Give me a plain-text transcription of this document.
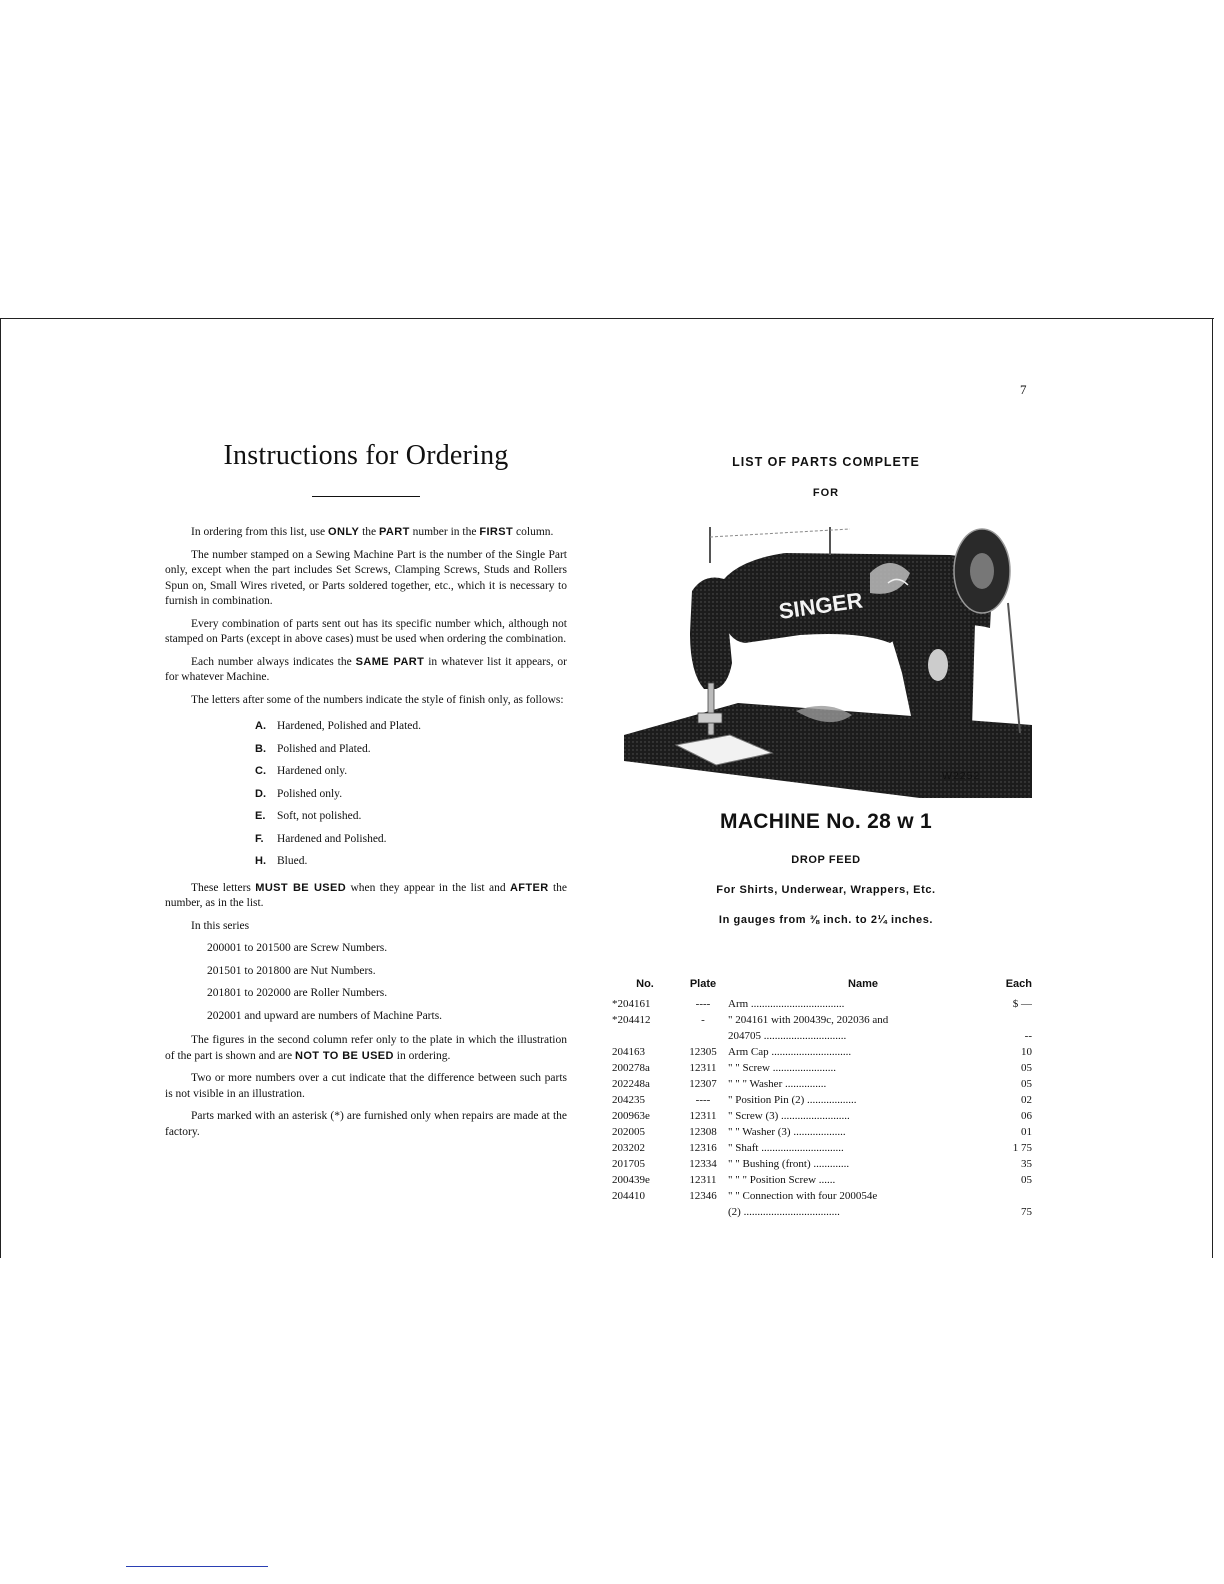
7
Instructions for Ordering

In ordering from this list, use ONLY the PART number in the FIRST column.

The number stamped on a Sewing Machine Part is the number of the Single Part only, except when the part includes Set Screws, Clamping Screws, Studs and Rollers Spun on, Small Wires riveted, or Parts soldered together, etc., which it is necessary to furnish in combination.

Every combination of parts sent out has its specific number which, although not stamped on Parts (except in above cases) must be used when ordering the combination.

Each number always indicates the SAME PART in whatever list it appears, or for whatever Machine.

The letters after some of the numbers indicate the style of finish only, as follows:

A. Hardened, Polished and Plated.
B. Polished and Plated.
C. Hardened only.
D. Polished only.
E. Soft, not polished.
F. Hardened and Polished.
H. Blued.

These letters MUST BE USED when they appear in the list and AFTER the number, as in the list.

In this series

200001 to 201500 are Screw Numbers.
201501 to 201800 are Nut Numbers.
201801 to 202000 are Roller Numbers.
202001 and upward are numbers of Machine Parts.

The figures in the second column refer only to the plate in which the illustration of the part is shown and are NOT TO BE USED in ordering.

Two or more numbers over a cut indicate that the difference between such parts is not visible in an illustration.

Parts marked with an asterisk (*) are furnished only when repairs are made at the factory.

LIST OF PARTS COMPLETE
FOR
SINGER
W2252
MACHINE No. 28 w 1
DROP FEED
For Shirts, Underwear, Wrappers, Etc.
In gauges from ⅜ inch. to 2¼ inches.
No.	Plate	Name	Each
*204161	----	Arm ..................................	$ —
*204412	-	" 204161 with 200439c, 202036 and	
		204705 ..............................	--
204163	12305	Arm Cap .............................	10
200278a	12311	" " Screw .......................	05
202248a	12307	" " " Washer ...............	05
204235	----	" Position Pin (2) ..................	02
200963e	12311	" Screw (3) .........................	06
202005	12308	" " Washer (3) ...................	01
203202	12316	" Shaft ..............................	1 75
201705	12334	" " Bushing (front) .............	35
200439e	12311	" " " Position Screw ......	05
204410	12346	" " Connection with four 200054e	
		(2) ...................................	75
